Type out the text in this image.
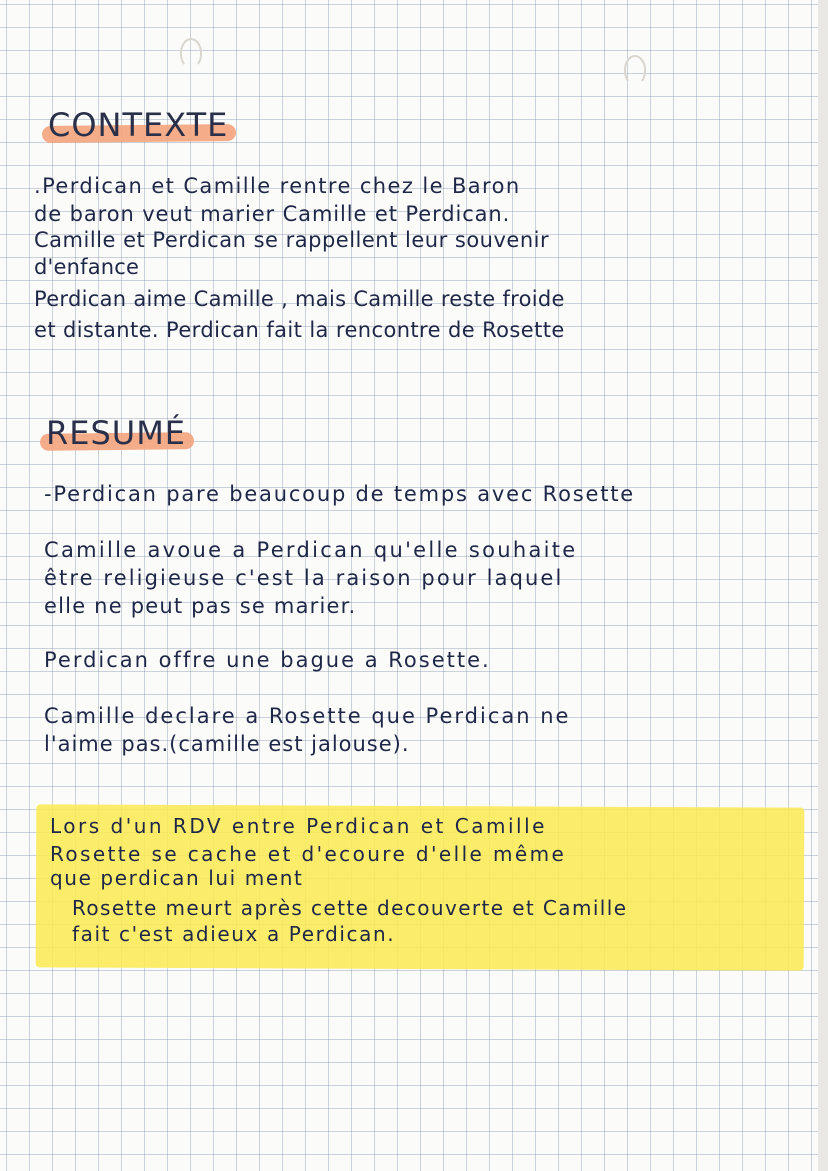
CONTEXTE
.Perdican et Camille rentre chez le Baron
de baron veut marier Camille et Perdican.
Camille et Perdican se rappellent leur souvenir
d'enfance
Perdican aime Camille , mais Camille reste froide
et distante. Perdican fait la rencontre de Rosette
RESUMÉ
-Perdican pare beaucoup de temps avec Rosette
Camille avoue a Perdican qu'elle souhaite
être religieuse c'est la raison pour laquel
elle ne peut pas se marier.
Perdican offre une bague a Rosette.
Camille declare a Rosette que Perdican ne
l'aime pas.(camille est jalouse).
Lors d'un RDV entre Perdican et Camille
Rosette se cache et d'ecoure d'elle même
que perdican lui ment
Rosette meurt après cette decouverte et Camille
fait c'est adieux a Perdican.
